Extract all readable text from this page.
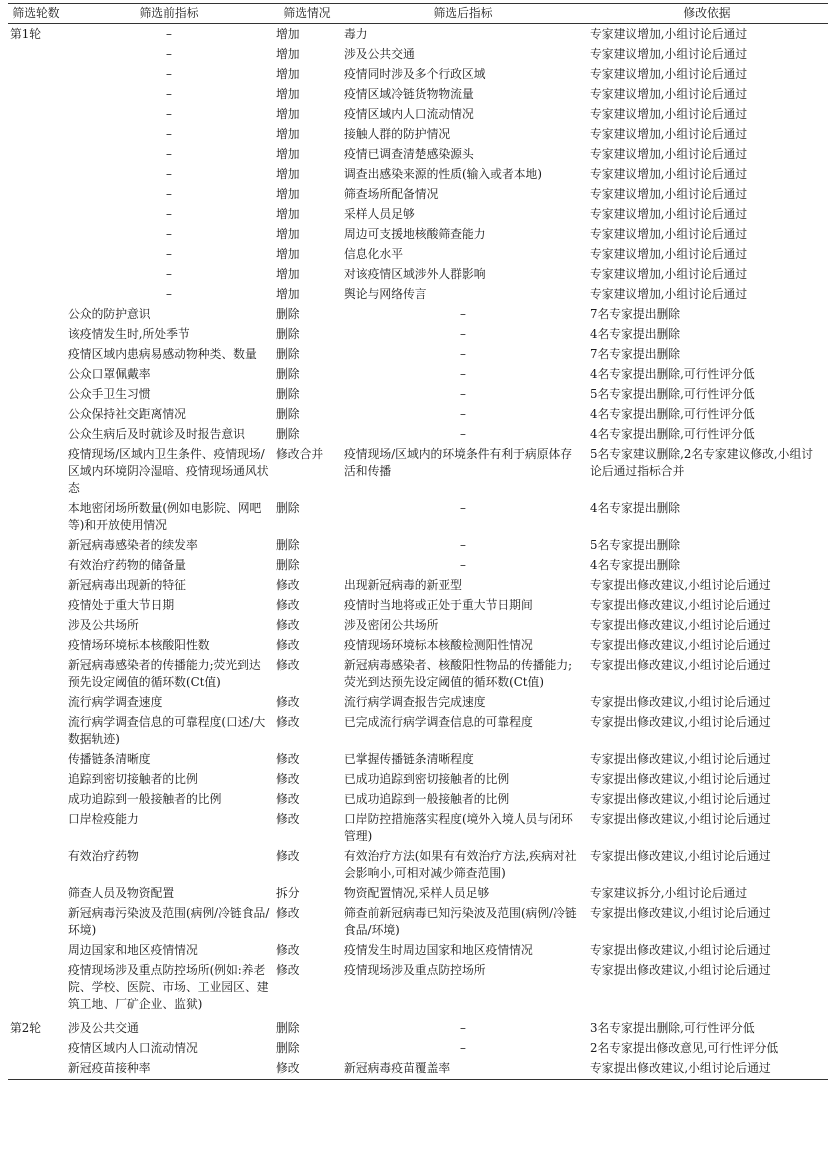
筛选轮数	筛选前指标	筛选情况	筛选后指标	修改依据
第1轮	–	增加	毒力	专家建议增加,小组讨论后通过
	–	增加	涉及公共交通	专家建议增加,小组讨论后通过
	–	增加	疫情同时涉及多个行政区域	专家建议增加,小组讨论后通过
	–	增加	疫情区域冷链货物物流量	专家建议增加,小组讨论后通过
	–	增加	疫情区域内人口流动情况	专家建议增加,小组讨论后通过
	–	增加	接触人群的防护情况	专家建议增加,小组讨论后通过
	–	增加	疫情已调查清楚感染源头	专家建议增加,小组讨论后通过
	–	增加	调查出感染来源的性质(输入或者本地)	专家建议增加,小组讨论后通过
	–	增加	筛查场所配备情况	专家建议增加,小组讨论后通过
	–	增加	采样人员足够	专家建议增加,小组讨论后通过
	–	增加	周边可支援地核酸筛查能力	专家建议增加,小组讨论后通过
	–	增加	信息化水平	专家建议增加,小组讨论后通过
	–	增加	对该疫情区域涉外人群影响	专家建议增加,小组讨论后通过
	–	增加	舆论与网络传言	专家建议增加,小组讨论后通过
	公众的防护意识	删除	–	7名专家提出删除
	该疫情发生时,所处季节	删除	–	4名专家提出删除
	疫情区域内患病易感动物种类、数量	删除	–	7名专家提出删除
	公众口罩佩戴率	删除	–	4名专家提出删除,可行性评分低
	公众手卫生习惯	删除	–	5名专家提出删除,可行性评分低
	公众保持社交距离情况	删除	–	4名专家提出删除,可行性评分低
	公众生病后及时就诊及时报告意识	删除	–	4名专家提出删除,可行性评分低
	疫情现场/区域内卫生条件、疫情现场/区域内环境阴冷湿暗、疫情现场通风状态	修改合并	疫情现场/区域内的环境条件有利于病原体存活和传播	5名专家建议删除,2名专家建议修改,小组讨论后通过指标合并
	本地密闭场所数量(例如电影院、网吧等)和开放使用情况	删除	–	4名专家提出删除
	新冠病毒感染者的续发率	删除	–	5名专家提出删除
	有效治疗药物的储备量	删除	–	4名专家提出删除
	新冠病毒出现新的特征	修改	出现新冠病毒的新亚型	专家提出修改建议,小组讨论后通过
	疫情处于重大节日期	修改	疫情时当地将或正处于重大节日期间	专家提出修改建议,小组讨论后通过
	涉及公共场所	修改	涉及密闭公共场所	专家提出修改建议,小组讨论后通过
	疫情场环境标本核酸阳性数	修改	疫情现场环境标本核酸检测阳性情况	专家提出修改建议,小组讨论后通过
	新冠病毒感染者的传播能力;荧光到达预先设定阈值的循环数(Ct值)	修改	新冠病毒感染者、核酸阳性物品的传播能力;荧光到达预先设定阈值的循环数(Ct值)	专家提出修改建议,小组讨论后通过
	流行病学调查速度	修改	流行病学调查报告完成速度	专家提出修改建议,小组讨论后通过
	流行病学调查信息的可靠程度(口述/大数据轨迹)	修改	已完成流行病学调查信息的可靠程度	专家提出修改建议,小组讨论后通过
	传播链条清晰度	修改	已掌握传播链条清晰程度	专家提出修改建议,小组讨论后通过
	追踪到密切接触者的比例	修改	已成功追踪到密切接触者的比例	专家提出修改建议,小组讨论后通过
	成功追踪到一般接触者的比例	修改	已成功追踪到一般接触者的比例	专家提出修改建议,小组讨论后通过
	口岸检疫能力	修改	口岸防控措施落实程度(境外入境人员与闭环管理)	专家提出修改建议,小组讨论后通过
	有效治疗药物	修改	有效治疗方法(如果有有效治疗方法,疾病对社会影响小,可相对减少筛查范围)	专家提出修改建议,小组讨论后通过
	筛查人员及物资配置	拆分	物资配置情况,采样人员足够	专家建议拆分,小组讨论后通过
	新冠病毒污染波及范围(病例/冷链食品/环境)	修改	筛查前新冠病毒已知污染波及范围(病例/冷链食品/环境)	专家提出修改建议,小组讨论后通过
	周边国家和地区疫情情况	修改	疫情发生时周边国家和地区疫情情况	专家提出修改建议,小组讨论后通过
	疫情现场涉及重点防控场所(例如:养老院、学校、医院、市场、工业园区、建筑工地、厂矿企业、监狱)	修改	疫情现场涉及重点防控场所	专家提出修改建议,小组讨论后通过
第2轮	涉及公共交通	删除	–	3名专家提出删除,可行性评分低
	疫情区域内人口流动情况	删除	–	2名专家提出修改意见,可行性评分低
	新冠疫苗接种率	修改	新冠病毒疫苗覆盖率	专家提出修改建议,小组讨论后通过
